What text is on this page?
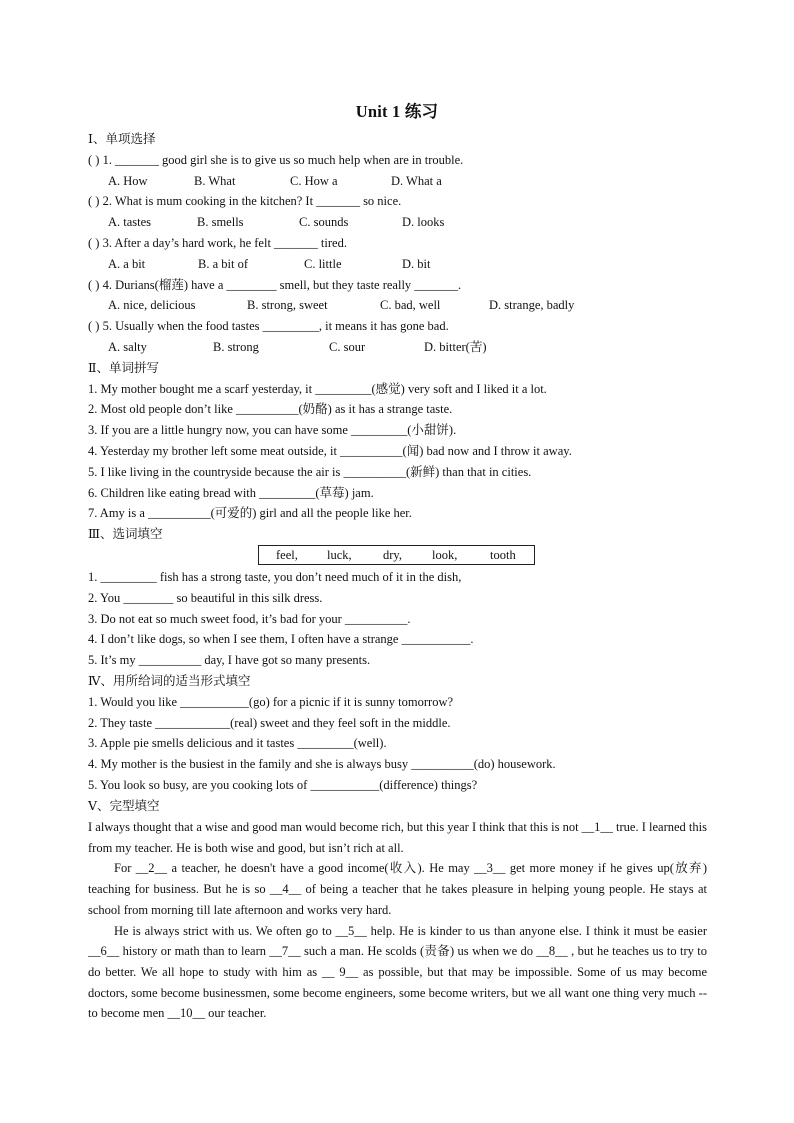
Unit 1 练习
Ⅰ、单项选择
( ) 1. _______ good girl she is to give us so much help when are in trouble.
A. How	B. What	C. How a	D. What a
( ) 2. What is mum cooking in the kitchen? It _______ so nice.
A. tastes	B. smells	C. sounds	D. looks
( ) 3. After a day’s hard work, he felt _______ tired.
A. a bit	B. a bit of	C. little	D. bit
( ) 4. Durians(榴莲) have a ________ smell, but they taste really _______.
A. nice, delicious	B. strong, sweet	C. bad, well	D. strange, badly
( ) 5. Usually when the food tastes _________, it means it has gone bad.
A. salty	B. strong	C. sour	D. bitter(苦)
Ⅱ、单词拼写
1. My mother bought me a scarf yesterday, it _________(感觉) very soft and I liked it a lot.
2. Most old people don’t like __________(奶酪) as it has a strange taste.
3. If you are a little hungry now, you can have some _________(小甜饼).
4. Yesterday my brother left some meat outside, it __________(闻) bad now and I throw it away.
5. I like living in the countryside because the air is __________(新鲜) than that in cities.
6. Children like eating bread with _________(草莓) jam.
7. Amy is a __________(可爱的) girl and all the people like her.
Ⅲ、选词填空
feel, luck,	dry, look,	tooth
1. _________ fish has a strong taste, you don’t need much of it in the dish,
2. You ________ so beautiful in this silk dress.
3. Do not eat so much sweet food, it’s bad for your __________.
4. I don’t like dogs, so when I see them, I often have a strange ___________.
5. It’s my __________ day, I have got so many presents.
Ⅳ、用所给词的适当形式填空
1. Would you like ___________(go) for a picnic if it is sunny tomorrow?
2. They taste ____________(real) sweet and they feel soft in the middle.
3. Apple pie smells delicious and it tastes _________(well).
4. My mother is the busiest in the family and she is always busy __________(do) housework.
5. You look so busy, are you cooking lots of ___________(difference) things?
Ⅴ、完型填空

I always thought that a wise and good man would become rich, but this year I think that this is not __1__ true. I learned this from my teacher. He is both wise and good, but isn’t rich at all.

For __2__ a teacher, he doesn't have a good income(收入). He may __3__ get more money if he gives up(放弃) teaching for business. But he is so __4__ of being a teacher that he takes pleasure in helping young people. He stays at school from morning till late afternoon and works very hard.

He is always strict with us. We often go to __5__ help. He is kinder to us than anyone else. I think it must be easier __6__ history or math than to learn __7__ such a man. He scolds (责备) us when we do __8__ , but he teaches us to try to do better. We all hope to study with him as __ 9__ as possible, but that may be impossible. Some of us may become doctors, some become businessmen, some become engineers, some become writers, but we all want one thing very much -- to become men __10__ our teacher.
